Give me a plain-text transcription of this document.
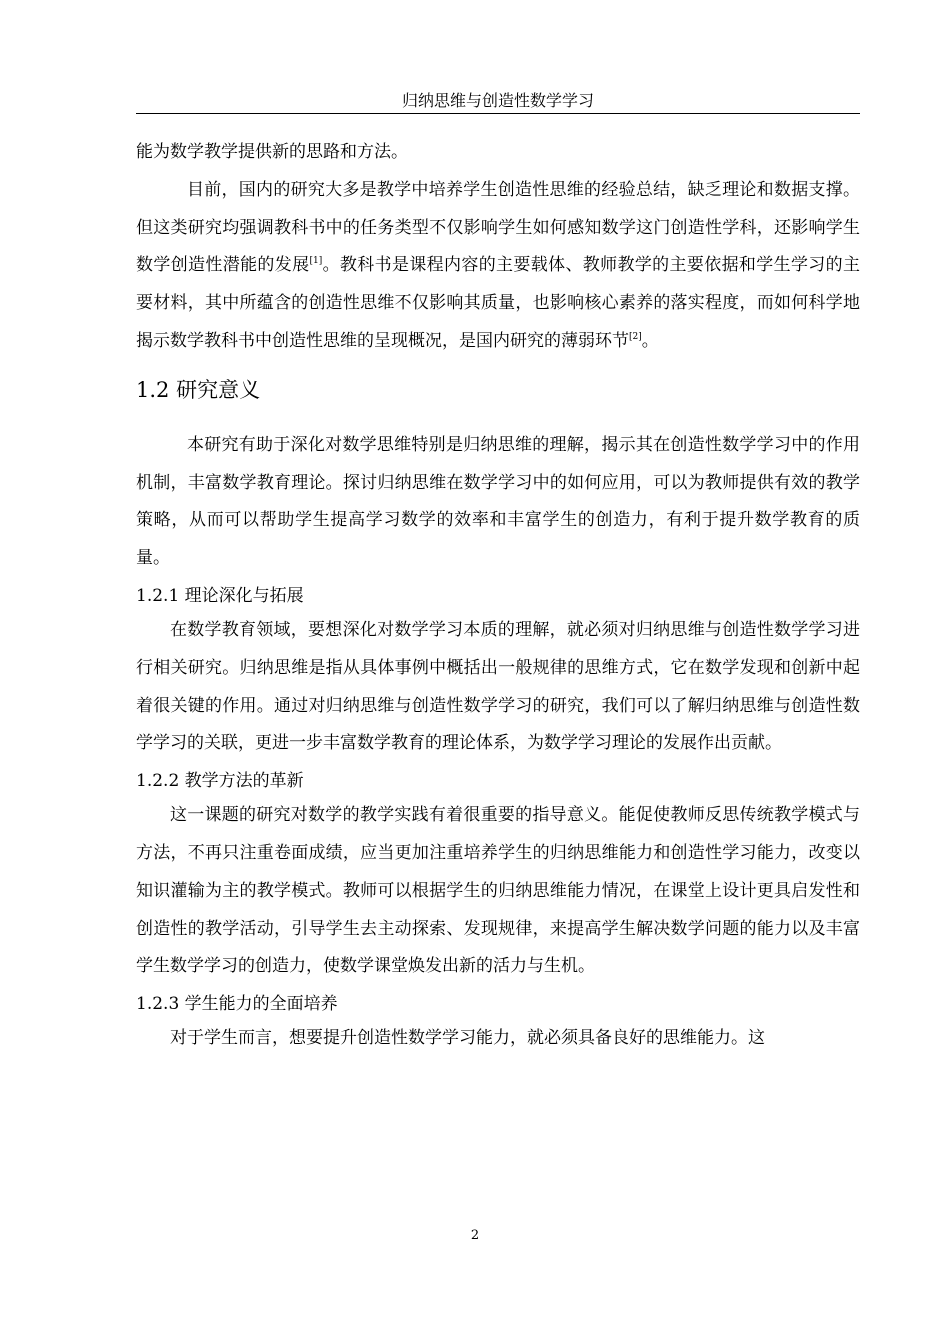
归纳思维与创造性数学学习

能为数学教学提供新的思路和方法。

目前，国内的研究大多是教学中培养学生创造性思维的经验总结，缺乏理论和数据支撑。但这类研究均强调教科书中的任务类型不仅影响学生如何感知数学这门创造性学科，还影响学生数学创造性潜能的发展[1]。教科书是课程内容的主要载体、教师教学的主要依据和学生学习的主要材料，其中所蕴含的创造性思维不仅影响其质量，也影响核心素养的落实程度，而如何科学地揭示数学教科书中创造性思维的呈现概况，是国内研究的薄弱环节[2]。

1.2 研究意义

本研究有助于深化对数学思维特别是归纳思维的理解，揭示其在创造性数学学习中的作用机制，丰富数学教育理论。探讨归纳思维在数学学习中的如何应用，可以为教师提供有效的教学策略，从而可以帮助学生提高学习数学的效率和丰富学生的创造力，有利于提升数学教育的质量。

1.2.1 理论深化与拓展

在数学教育领域，要想深化对数学学习本质的理解，就必须对归纳思维与创造性数学学习进行相关研究。归纳思维是指从具体事例中概括出一般规律的思维方式，它在数学发现和创新中起着很关键的作用。通过对归纳思维与创造性数学学习的研究，我们可以了解归纳思维与创造性数学学习的关联，更进一步丰富数学教育的理论体系，为数学学习理论的发展作出贡献。

1.2.2 教学方法的革新

这一课题的研究对数学的教学实践有着很重要的指导意义。能促使教师反思传统教学模式与方法，不再只注重卷面成绩，应当更加注重培养学生的归纳思维能力和创造性学习能力，改变以知识灌输为主的教学模式。教师可以根据学生的归纳思维能力情况，在课堂上设计更具启发性和创造性的教学活动，引导学生去主动探索、发现规律，来提高学生解决数学问题的能力以及丰富学生数学学习的创造力，使数学课堂焕发出新的活力与生机。

1.2.3 学生能力的全面培养

对于学生而言，想要提升创造性数学学习能力，就必须具备良好的思维能力。这

2
